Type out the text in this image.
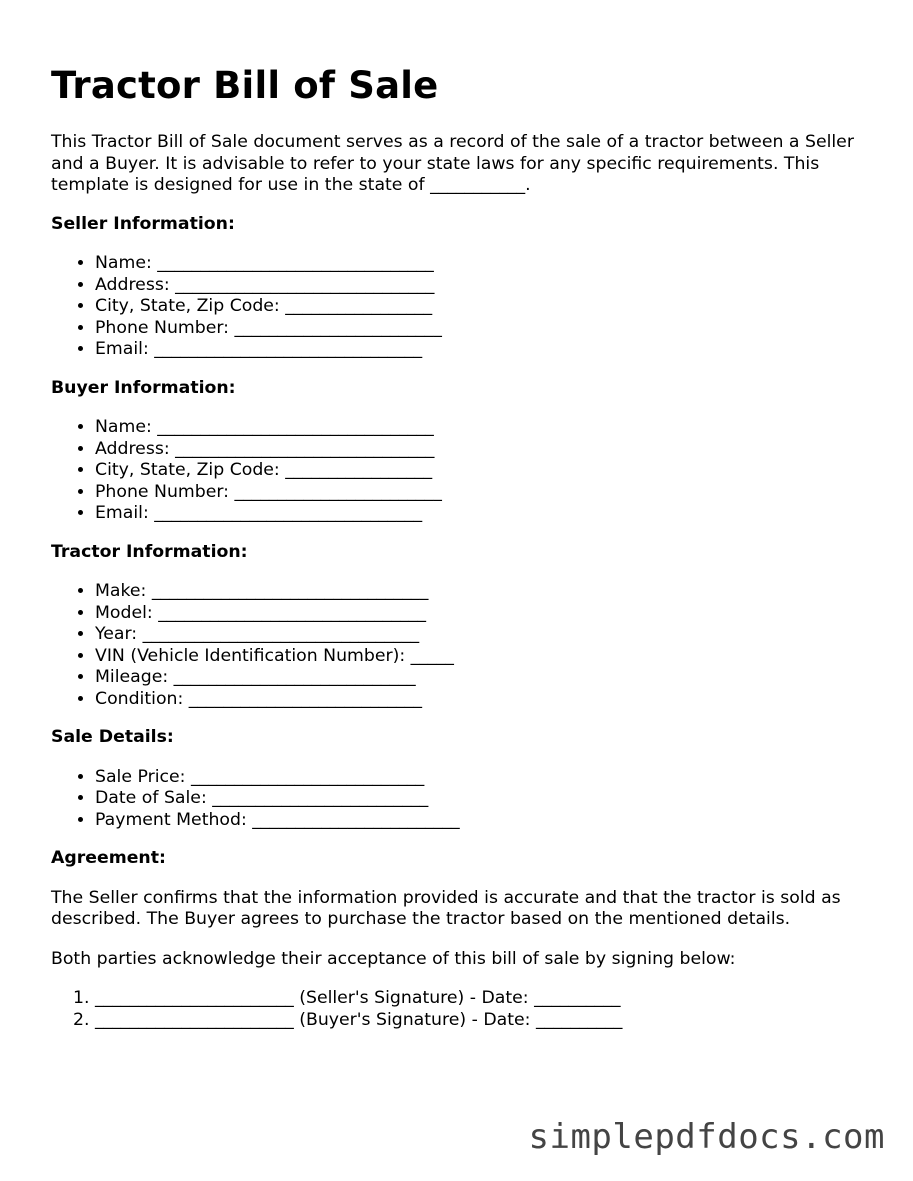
Tractor Bill of Sale

This Tractor Bill of Sale document serves as a record of the sale of a tractor between a Seller and a Buyer. It is advisable to refer to your state laws for any specific requirements. This template is designed for use in the state of ___________.

Seller Information:
• Name: ________________________________
• Address: ______________________________
• City, State, Zip Code: _________________
• Phone Number: ________________________
• Email: _______________________________
Buyer Information:
• Name: ________________________________
• Address: ______________________________
• City, State, Zip Code: _________________
• Phone Number: ________________________
• Email: _______________________________
Tractor Information:
• Make: ________________________________
• Model: _______________________________
• Year: ________________________________
• VIN (Vehicle Identification Number): _____
• Mileage: ____________________________
• Condition: ___________________________
Sale Details:
• Sale Price: ___________________________
• Date of Sale: _________________________
• Payment Method: ________________________
Agreement:

The Seller confirms that the information provided is accurate and that the tractor is sold as described. The Buyer agrees to purchase the tractor based on the mentioned details.

Both parties acknowledge their acceptance of this bill of sale by signing below:

1. _______________________ (Seller's Signature) - Date: __________
2. _______________________ (Buyer's Signature) - Date: __________
simplepdfdocs.com
